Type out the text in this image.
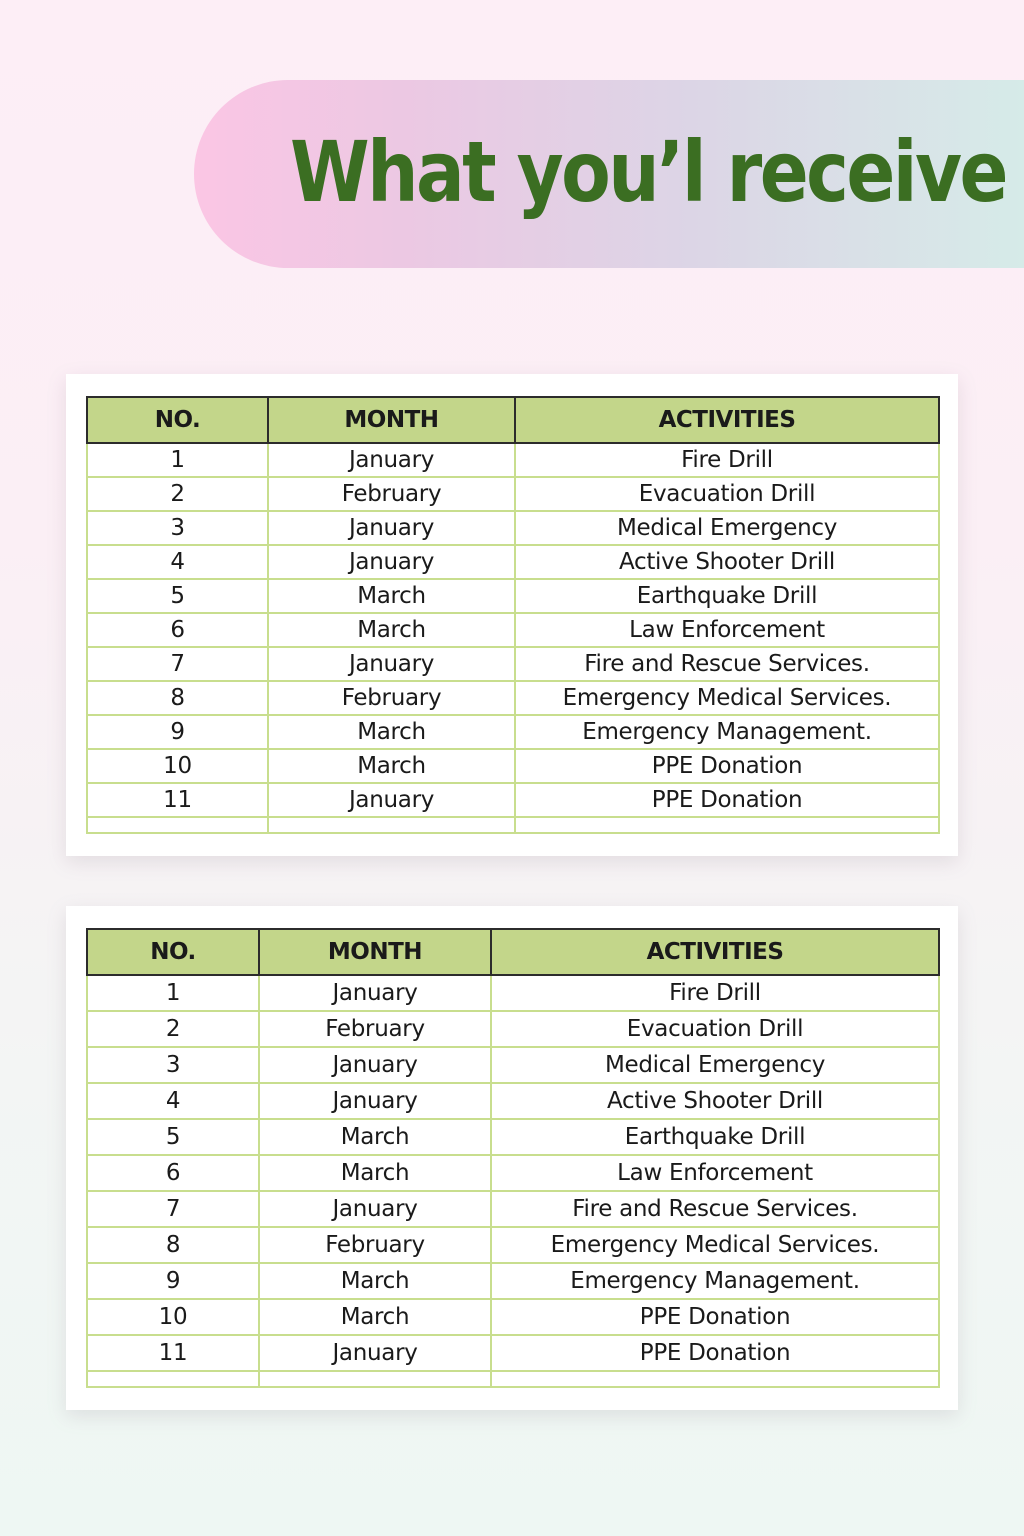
What you’l receive
NO.	MONTH	ACTIVITIES
1	January	Fire Drill
2	February	Evacuation Drill
3	January	Medical Emergency
4	January	Active Shooter Drill
5	March	Earthquake Drill
6	March	Law Enforcement
7	January	Fire and Rescue Services.
8	February	Emergency Medical Services.
9	March	Emergency Management.
10	March	PPE Donation
11	January	PPE Donation

NO.	MONTH	ACTIVITIES
1	January	Fire Drill
2	February	Evacuation Drill
3	January	Medical Emergency
4	January	Active Shooter Drill
5	March	Earthquake Drill
6	March	Law Enforcement
7	January	Fire and Rescue Services.
8	February	Emergency Medical Services.
9	March	Emergency Management.
10	March	PPE Donation
11	January	PPE Donation
